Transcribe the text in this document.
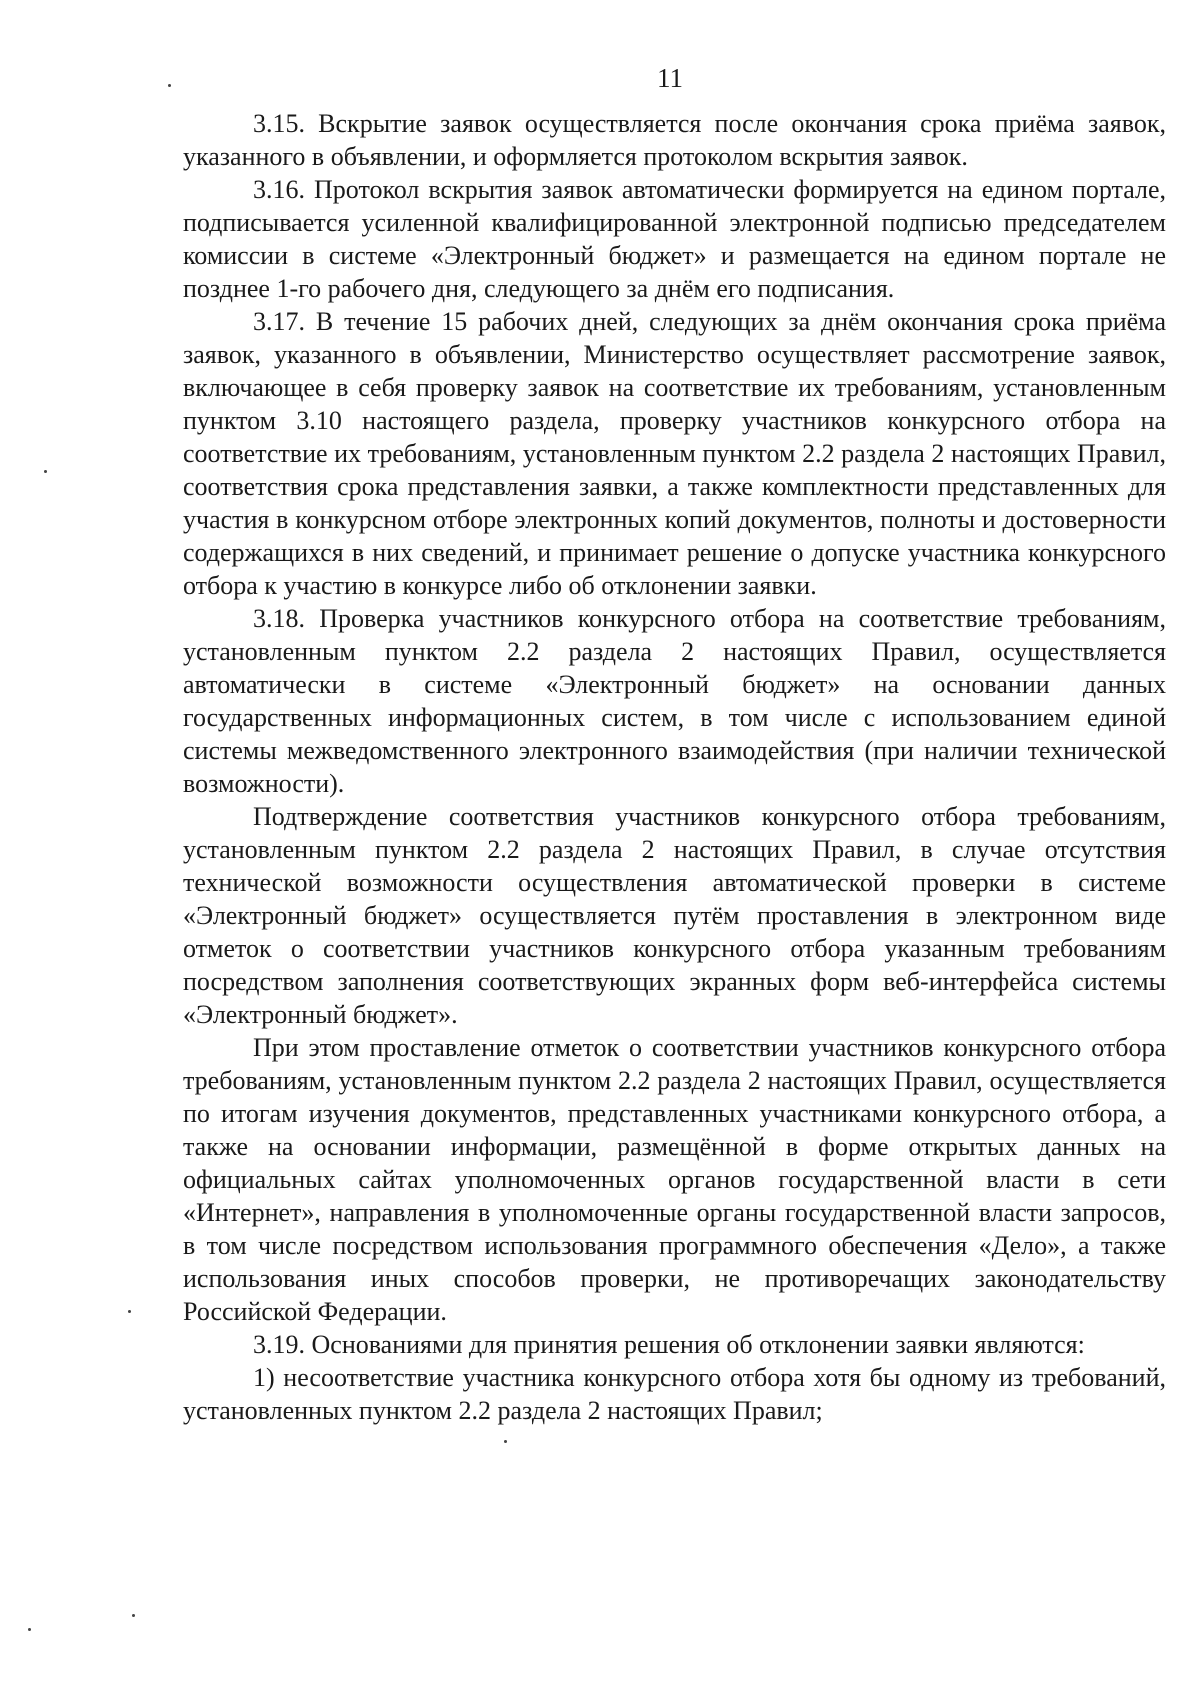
11

3.15. Вскрытие заявок осуществляется после окончания срока приёма заявок, указанного в объявлении, и оформляется протоколом вскрытия заявок.

3.16. Протокол вскрытия заявок автоматически формируется на едином портале, подписывается усиленной квалифицированной электронной подписью председателем комиссии в системе «Электронный бюджет» и размещается на едином портале не позднее 1-го рабочего дня, следующего за днём его подписания.

3.17. В течение 15 рабочих дней, следующих за днём окончания срока приёма заявок, указанного в объявлении, Министерство осуществляет рассмотрение заявок, включающее в себя проверку заявок на соответствие их требованиям, установленным пунктом 3.10 настоящего раздела, проверку участников конкурсного отбора на соответствие их требованиям, установленным пунктом 2.2 раздела 2 настоящих Правил, соответствия срока представления заявки, а также комплектности представленных для участия в конкурсном отборе электронных копий документов, полноты и достоверности содержащихся в них сведений, и принимает решение о допуске участника конкурсного отбора к участию в конкурсе либо об отклонении заявки.

3.18. Проверка участников конкурсного отбора на соответствие требованиям, установленным пунктом 2.2 раздела 2 настоящих Правил, осуществляется автоматически в системе «Электронный бюджет» на основании данных государственных информационных систем, в том числе с использованием единой системы межведомственного электронного взаимодействия (при наличии технической возможности).

Подтверждение соответствия участников конкурсного отбора требованиям, установленным пунктом 2.2 раздела 2 настоящих Правил, в случае отсутствия технической возможности осуществления автоматической проверки в системе «Электронный бюджет» осуществляется путём проставления в электронном виде отметок о соответствии участников конкурсного отбора указанным требованиям посредством заполнения соответствующих экранных форм веб-интерфейса системы «Электронный бюджет».

При этом проставление отметок о соответствии участников конкурсного отбора требованиям, установленным пунктом 2.2 раздела 2 настоящих Правил, осуществляется по итогам изучения документов, представленных участниками конкурсного отбора, а также на основании информации, размещённой в форме открытых данных на официальных сайтах уполномоченных органов государственной власти в сети «Интернет», направления в уполномоченные органы государственной власти запросов, в том числе посредством использования программного обеспечения «Дело», а также использования иных способов проверки, не противоречащих законодательству Российской Федерации.

3.19. Основаниями для принятия решения об отклонении заявки являются:

1) несоответствие участника конкурсного отбора хотя бы одному из требований, установленных пунктом 2.2 раздела 2 настоящих Правил;
